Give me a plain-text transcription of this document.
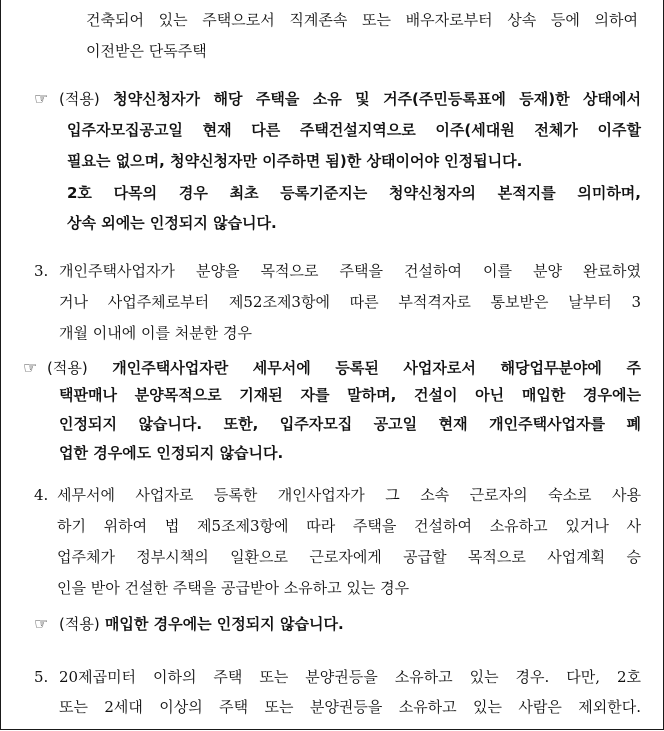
건축되어 있는 주택으로서 직계존속 또는 배우자로부터 상속 등에 의하여
이전받은 단독주택
☞ (적용) 청약신청자가 해당 주택을 소유 및 거주(주민등록표에 등재)한 상태에서
입주자모집공고일 현재 다른 주택건설지역으로 이주(세대원 전체가 이주할
필요는 없으며, 청약신청자만 이주하면 됨)한 상태이어야 인정됩니다.
2호 다목의 경우 최초 등록기준지는 청약신청자의 본적지를 의미하며,
상속 외에는 인정되지 않습니다.
3. 개인주택사업자가 분양을 목적으로 주택을 건설하여 이를 분양 완료하였
거나 사업주체로부터 제52조제3항에 따른 부적격자로 통보받은 날부터 3
개월 이내에 이를 처분한 경우
☞ (적용) 개인주택사업자란 세무서에 등록된 사업자로서 해당업무분야에 주
택판매나 분양목적으로 기재된 자를 말하며, 건설이 아닌 매입한 경우에는
인정되지 않습니다. 또한, 입주자모집 공고일 현재 개인주택사업자를 폐
업한 경우에도 인정되지 않습니다.
4. 세무서에 사업자로 등록한 개인사업자가 그 소속 근로자의 숙소로 사용
하기 위하여 법 제5조제3항에 따라 주택을 건설하여 소유하고 있거나 사
업주체가 정부시책의 일환으로 근로자에게 공급할 목적으로 사업계획 승
인을 받아 건설한 주택을 공급받아 소유하고 있는 경우
☞ (적용) 매입한 경우에는 인정되지 않습니다.
5. 20제곱미터 이하의 주택 또는 분양권등을 소유하고 있는 경우. 다만, 2호
또는 2세대 이상의 주택 또는 분양권등을 소유하고 있는 사람은 제외한다.
